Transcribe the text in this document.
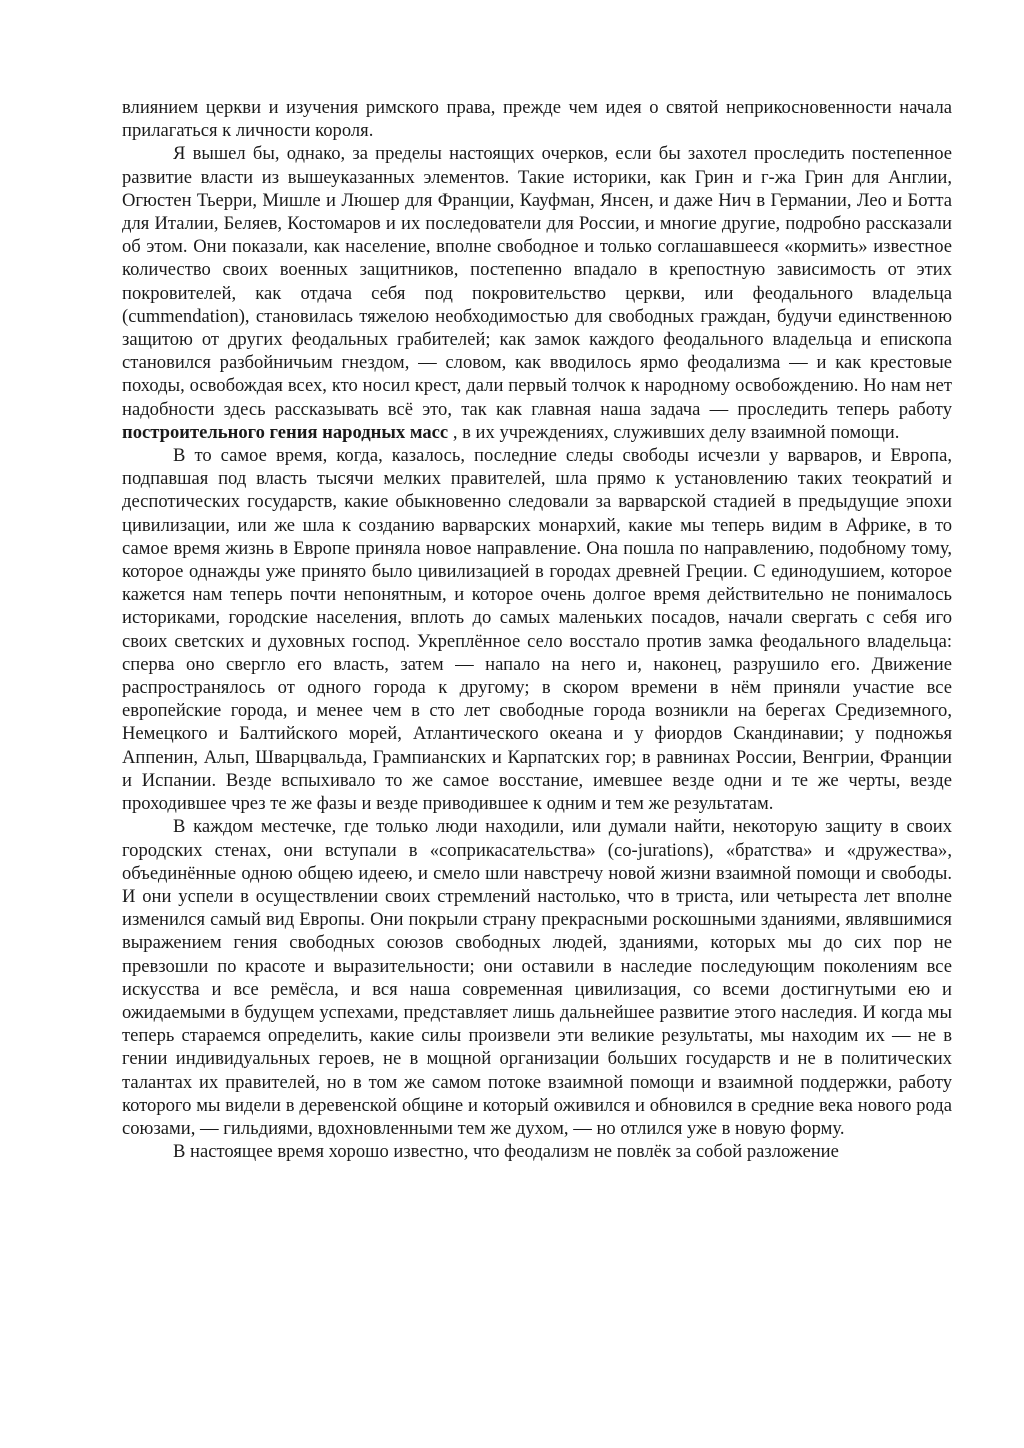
влиянием церкви и изучения римского права, прежде чем идея о святой неприкосновенности начала прилагаться к личности короля.

Я вышел бы, однако, за пределы настоящих очерков, если бы захотел проследить постепенное развитие власти из вышеуказанных элементов. Такие историки, как Грин и г-жа Грин для Англии, Огюстен Тьерри, Мишле и Люшер для Франции, Кауфман, Янсен, и даже Нич в Германии, Лео и Ботта для Италии, Беляев, Костомаров и их последователи для России, и многие другие, подробно рассказали об этом. Они показали, как население, вполне свободное и только соглашавшееся «кормить» известное количество своих военных защитников, постепенно впадало в крепостную зависимость от этих покровителей, как отдача себя под покровительство церкви, или феодального владельца (cummendation), становилась тяжелою необходимостью для свободных граждан, будучи единственною защитою от других феодальных грабителей; как замок каждого феодального владельца и епископа становился разбойничьим гнездом, — словом, как вводилось ярмо феодализма — и как крестовые походы, освобождая всех, кто носил крест, дали первый толчок к народному освобождению. Но нам нет надобности здесь рассказывать всё это, так как главная наша задача — проследить теперь работу построительного гения народных масс , в их учреждениях, служивших делу взаимной помощи.

В то самое время, когда, казалось, последние следы свободы исчезли у варваров, и Европа, подпавшая под власть тысячи мелких правителей, шла прямо к установлению таких теократий и деспотических государств, какие обыкновенно следовали за варварской стадией в предыдущие эпохи цивилизации, или же шла к созданию варварских монархий, какие мы теперь видим в Африке, в то самое время жизнь в Европе приняла новое направление. Она пошла по направлению, подобному тому, которое однажды уже принято было цивилизацией в городах древней Греции. С единодушием, которое кажется нам теперь почти непонятным, и которое очень долгое время действительно не понималось историками, городские населения, вплоть до самых маленьких посадов, начали свергать с себя иго своих светских и духовных господ. Укреплённое село восстало против замка феодального владельца: сперва оно свергло его власть, затем — напало на него и, наконец, разрушило его. Движение распространялось от одного города к другому; в скором времени в нём приняли участие все европейские города, и менее чем в сто лет свободные города возникли на берегах Средиземного, Немецкого и Балтийского морей, Атлантического океана и у фиордов Скандинавии; у подножья Аппенин, Альп, Шварцвальда, Грампианских и Карпатских гор; в равнинах России, Венгрии, Франции и Испании. Везде вспыхивало то же самое восстание, имевшее везде одни и те же черты, везде проходившее чрез те же фазы и везде приводившее к одним и тем же результатам.

В каждом местечке, где только люди находили, или думали найти, некоторую защиту в своих городских стенах, они вступали в «соприкасательства» (co-jurations), «братства» и «дружества», объединённые одною общею идеею, и смело шли навстречу новой жизни взаимной помощи и свободы. И они успели в осуществлении своих стремлений настолько, что в триста, или четыреста лет вполне изменился самый вид Европы. Они покрыли страну прекрасными роскошными зданиями, являвшимися выражением гения свободных союзов свободных людей, зданиями, которых мы до сих пор не превзошли по красоте и выразительности; они оставили в наследие последующим поколениям все искусства и все ремёсла, и вся наша современная цивилизация, со всеми достигнутыми ею и ожидаемыми в будущем успехами, представляет лишь дальнейшее развитие этого наследия. И когда мы теперь стараемся определить, какие силы произвели эти великие результаты, мы находим их — не в гении индивидуальных героев, не в мощной организации больших государств и не в политических талантах их правителей, но в том же самом потоке взаимной помощи и взаимной поддержки, работу которого мы видели в деревенской общине и который оживился и обновился в средние века нового рода союзами, — гильдиями, вдохновленными тем же духом, — но отлился уже в новую форму.

В настоящее время хорошо известно, что феодализм не повлёк за собой разложение
